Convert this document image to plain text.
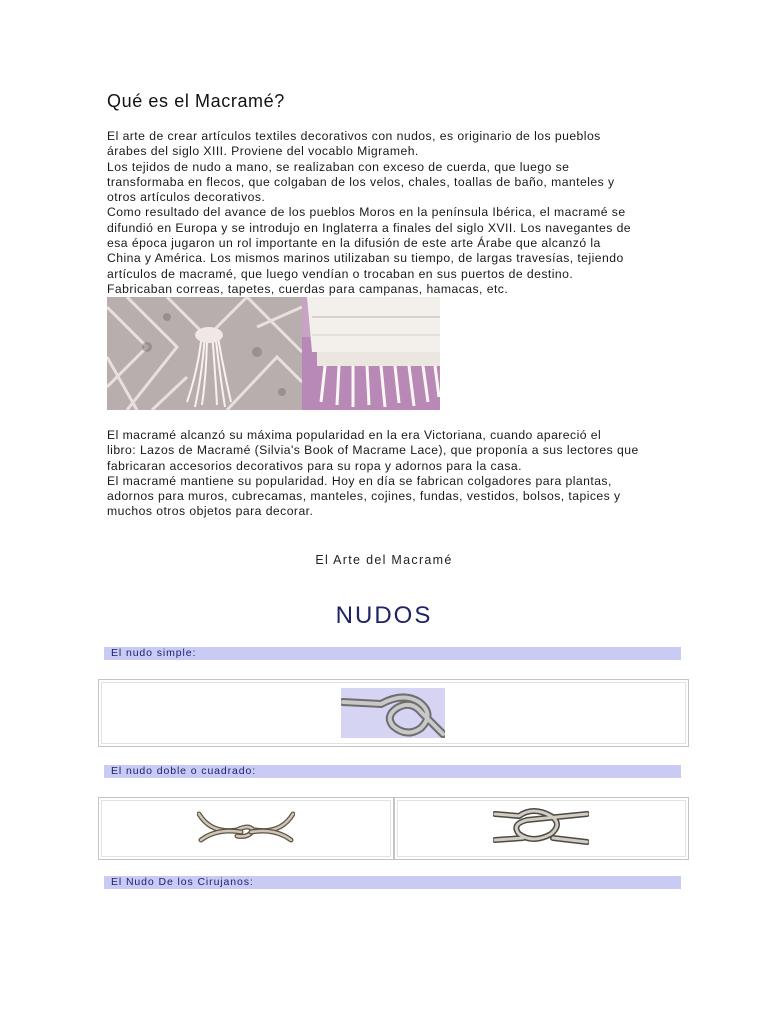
Qué es el Macramé?

El arte de crear artículos textiles decorativos con nudos, es originario de los pueblos

árabes del siglo XIII. Proviene del vocablo Migrameh.

Los tejidos de nudo a mano, se realizaban con exceso de cuerda, que luego se

transformaba en flecos, que colgaban de los velos, chales, toallas de baño, manteles y

otros artículos decorativos.

Como resultado del avance de los pueblos Moros en la península Ibérica, el macramé se

difundió en Europa y se introdujo en Inglaterra a finales del siglo XVII. Los navegantes de

esa época jugaron un rol importante en la difusión de este arte Árabe que alcanzó la

China y América. Los mismos marinos utilizaban su tiempo, de largas travesías, tejiendo

artículos de macramé, que luego vendían o trocaban en sus puertos de destino.

Fabricaban correas, tapetes, cuerdas para campanas, hamacas, etc.

El macramé alcanzó su máxima popularidad en la era Victoriana, cuando apareció el

libro: Lazos de Macramé (Silvia's Book of Macrame Lace), que proponía a sus lectores que

fabricaran accesorios decorativos para su ropa y adornos para la casa.

El macramé mantiene su popularidad. Hoy en día se fabrican colgadores para plantas,

adornos para muros, cubrecamas, manteles, cojines, fundas, vestidos, bolsos, tapices y

muchos otros objetos para decorar.

El Arte del Macramé
NUDOS
El nudo simple:
El nudo doble o cuadrado:
El Nudo De los Cirujanos:
